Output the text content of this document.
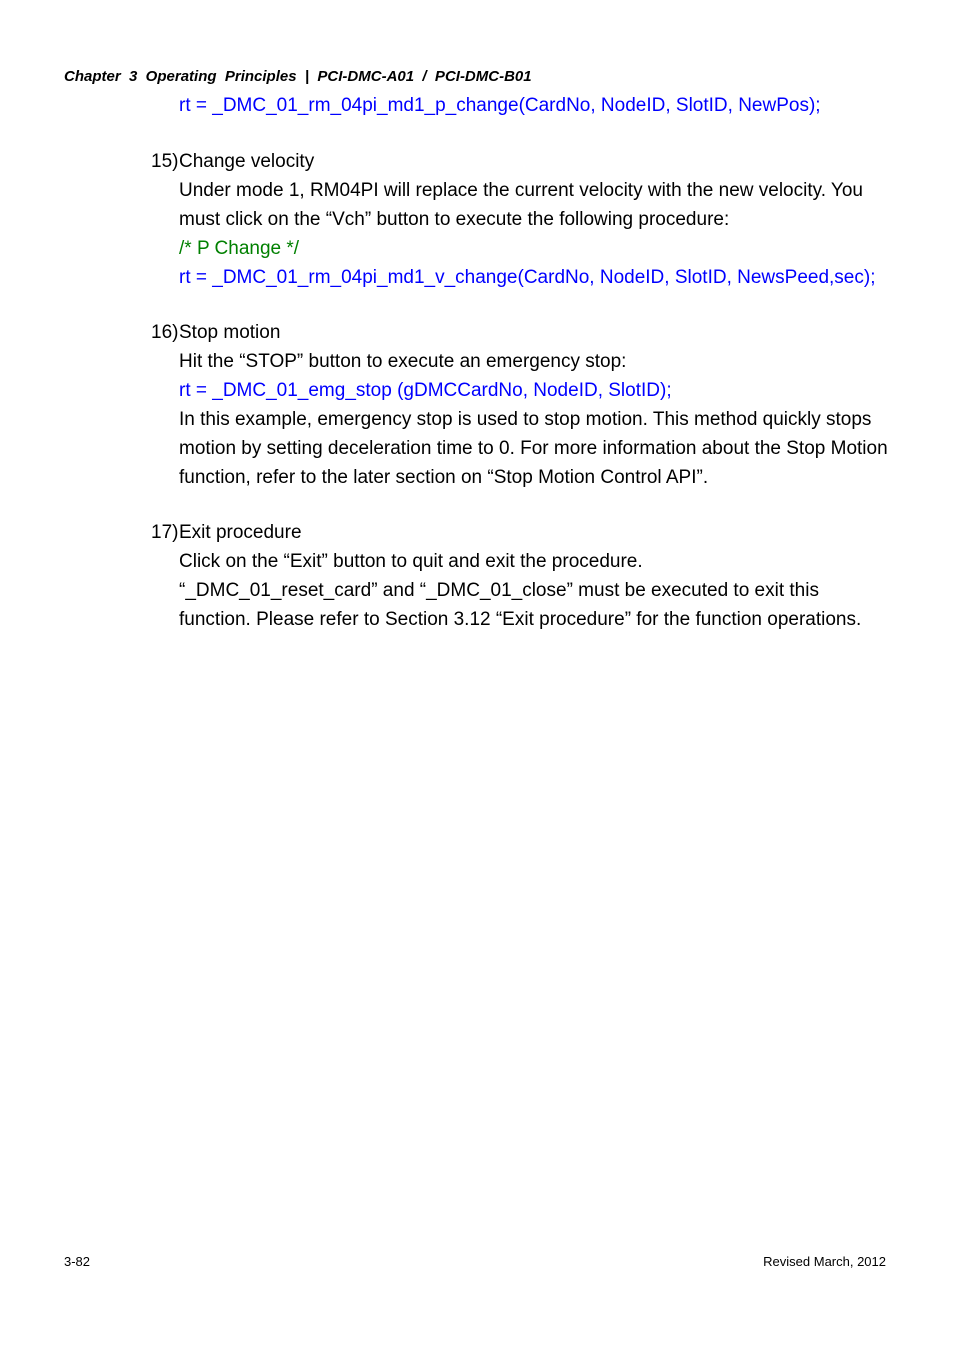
Chapter  3  Operating  Principles  |  PCI-DMC-A01  /  PCI-DMC-B01
rt = _DMC_01_rm_04pi_md1_p_change(CardNo, NodeID, SlotID, NewPos);
15) Change velocity
Under mode 1, RM04PI will replace the current velocity with the new velocity. You
must click on the “Vch” button to execute the following procedure:
/* P Change */
rt = _DMC_01_rm_04pi_md1_v_change(CardNo, NodeID, SlotID, NewsPeed,sec);
16) Stop motion
Hit the “STOP” button to execute an emergency stop:
rt = _DMC_01_emg_stop (gDMCCardNo, NodeID, SlotID);
In this example, emergency stop is used to stop motion. This method quickly stops
motion by setting deceleration time to 0. For more information about the Stop Motion
function, refer to the later section on “Stop Motion Control API”.
17) Exit procedure
Click on the “Exit” button to quit and exit the procedure.
“_DMC_01_reset_card” and “_DMC_01_close” must be executed to exit this
function. Please refer to Section 3.12 “Exit procedure” for the function operations.
3-82	Revised March, 2012
